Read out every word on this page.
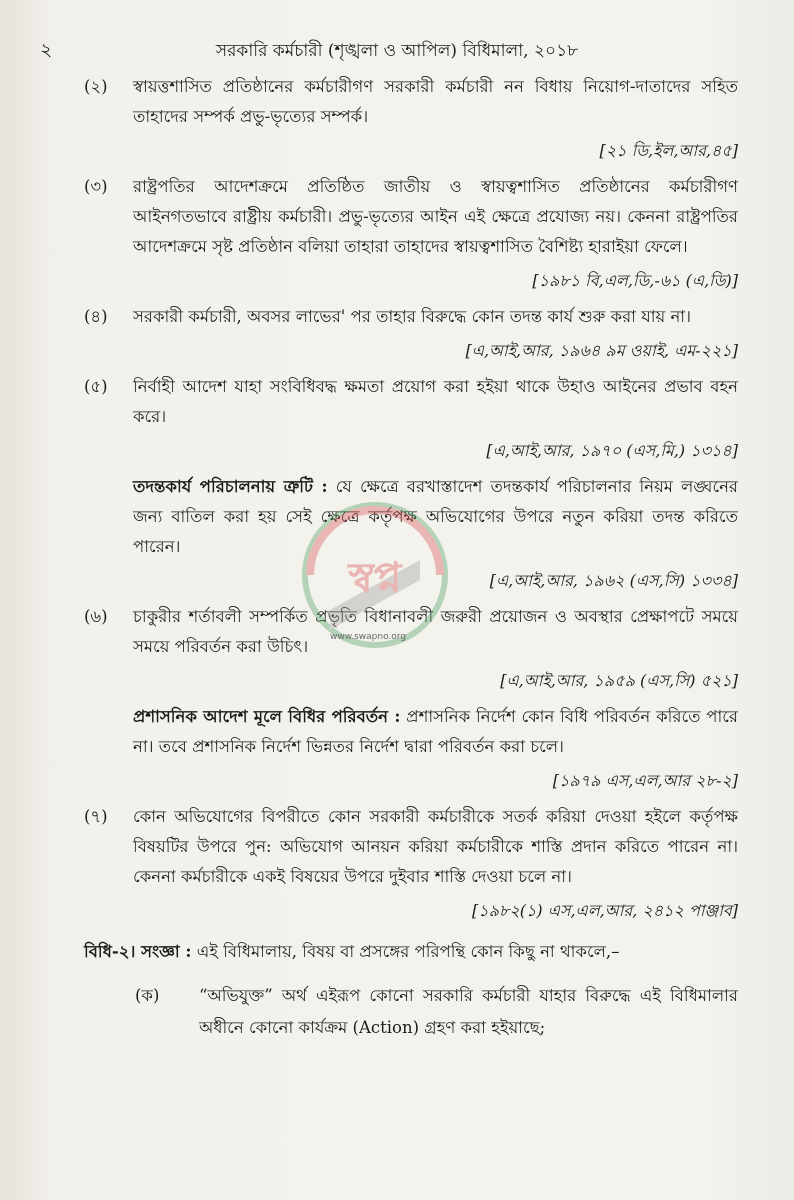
২	সরকারি কর্মচারী (শৃঙ্খলা ও আপিল) বিধিমালা, ২০১৮
(২) স্বায়ত্তশাসিত প্রতিষ্ঠানের কর্মচারীগণ সরকারী কর্মচারী নন বিধায় নিয়োগ-দাতাদের সহিত তাহাদের সম্পর্ক প্রভু-ভৃত্যের সম্পর্ক।
[২১ ডি,ইল,আর,৪৫]
(৩) রাষ্ট্রপতির আদেশক্রমে প্রতিষ্ঠিত জাতীয় ও স্বায়ত্বশাসিত প্রতিষ্ঠানের কর্মচারীগণ আইনগতভাবে রাষ্ট্রীয় কর্মচারী। প্রভু-ভৃত্যের আইন এই ক্ষেত্রে প্রযোজ্য নয়। কেননা রাষ্ট্রপতির আদেশক্রমে সৃষ্ট প্রতিষ্ঠান বলিয়া তাহারা তাহাদের স্বায়ত্বশাসিত বৈশিষ্ট্য হারাইয়া ফেলে।
[১৯৮১ বি,এল,ডি,-৬১ (এ,ডি)]
(৪) সরকারী কর্মচারী, অবসর লাভের' পর তাহার বিরুদ্ধে কোন তদন্ত কার্য শুরু করা যায় না।
[এ,আই,আর, ১৯৬৪ ৯ম ওয়াই, এম-২২১]
(৫) নির্বাহী আদেশ যাহা সংবিধিবদ্ধ ক্ষমতা প্রয়োগ করা হইয়া থাকে উহাও আইনের প্রভাব বহন করে।
[এ,আই,আর, ১৯৭০ (এস,মি,) ১৩১৪]
তদন্তকার্য পরিচালনায় ত্রুটি : যে ক্ষেত্রে বরখাস্তাদেশ তদন্তকার্য পরিচালনার নিয়ম লঙ্ঘনের জন্য বাতিল করা হয় সেই ক্ষেত্রে কর্তৃপক্ষ অভিযোগের উপরে নতুন করিয়া তদন্ত করিতে পারেন।
[এ,আই,আর, ১৯৬২ (এস,সি) ১৩৩৪]
(৬) চাকুরীর শর্তাবলী সম্পর্কিত প্রভৃতি বিধানাবলী জরুরী প্রয়োজন ও অবস্থার প্রেক্ষাপটে সময়ে সময়ে পরিবর্তন করা উচিৎ।
[এ,আই,আর, ১৯৫৯ (এস,সি) ৫২১]
প্রশাসনিক আদেশ মূলে বিধির পরিবর্তন : প্রশাসনিক নির্দেশ কোন বিধি পরিবর্তন করিতে পারে না। তবে প্রশাসনিক নির্দেশ ভিন্নতর নির্দেশ দ্বারা পরিবর্তন করা চলে।
[১৯৭৯ এস,এল,আর ২৮-২]
(৭) কোন অভিযোগের বিপরীতে কোন সরকারী কর্মচারীকে সতর্ক করিয়া দেওয়া হইলে কর্তৃপক্ষ বিষয়টির উপরে পুন: অভিযোগ আনয়ন করিয়া কর্মচারীকে শাস্তি প্রদান করিতে পারেন না। কেননা কর্মচারীকে একই বিষয়ের উপরে দুইবার শাস্তি দেওয়া চলে না।
[১৯৮২(১) এস,এল,আর, ২৪১২ পাঞ্জাব]
বিধি-২। সংজ্ঞা : এই বিধিমালায়, বিষয় বা প্রসঙ্গের পরিপন্থি কোন কিছু না থাকলে,–
(ক) “অভিযুক্ত” অর্থ এইরূপ কোনো সরকারি কর্মচারী যাহার বিরুদ্ধে এই বিধিমালার অধীনে কোনো কার্যক্রম (Action) গ্রহণ করা হইয়াছে;
স্বপ্ন
www.swapno.org
